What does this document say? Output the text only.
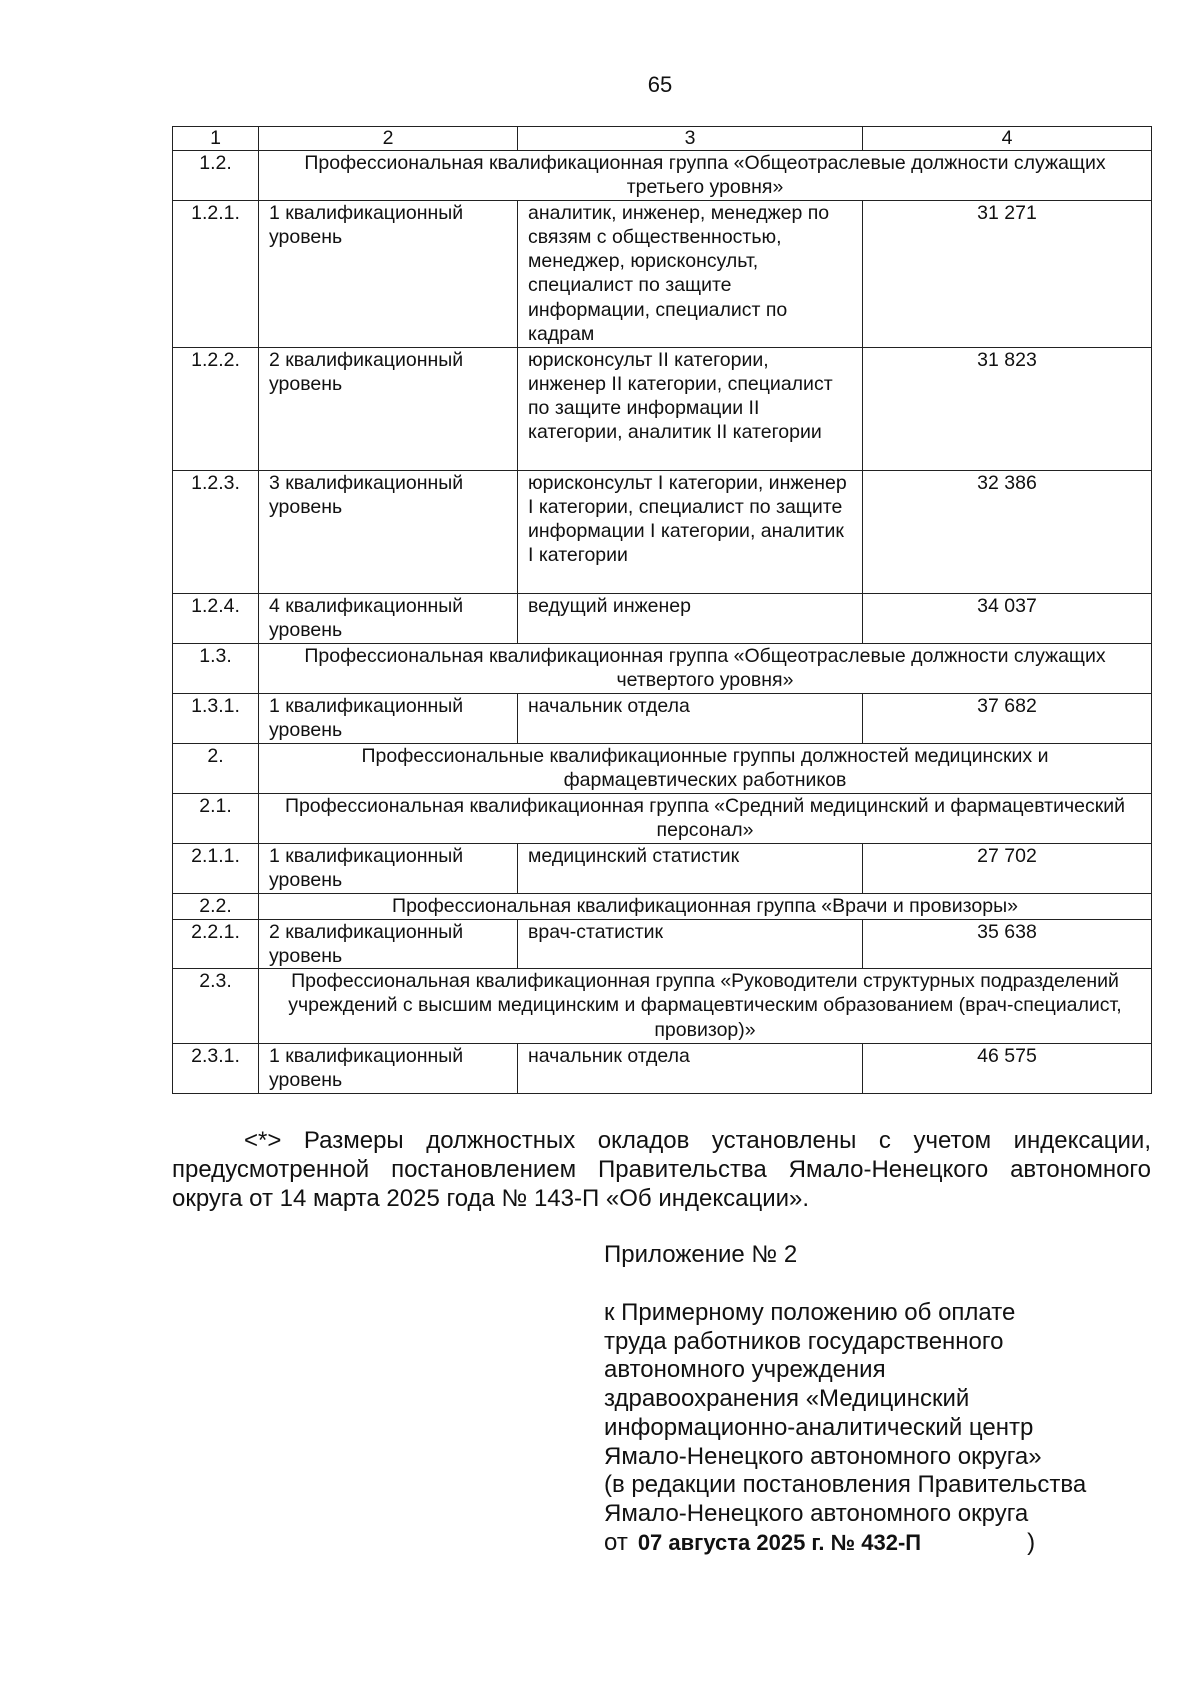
65
1	2	3	4
1.2.	Профессиональная квалификационная группа «Общеотраслевые должности служащих третьего уровня»		
1.2.1.	1 квалификационный уровень	аналитик, инженер, менеджер по связям с общественностью, менеджер, юрисконсульт, специалист по защите информации, специалист по кадрам	31 271
1.2.2.	2 квалификационный уровень	юрисконсульт II категории, инженер II категории, специалист по защите информации II категории, аналитик II категории	31 823
1.2.3.	3 квалификационный уровень	юрисконсульт I категории, инженер I категории, специалист по защите информации I категории, аналитик I категории	32 386
1.2.4.	4 квалификационный уровень	ведущий инженер	34 037
1.3.	Профессиональная квалификационная группа «Общеотраслевые должности служащих четвертого уровня»		
1.3.1.	1 квалификационный уровень	начальник отдела	37 682
2.	Профессиональные квалификационные группы должностей медицинских и фармацевтических работников		
2.1.	Профессиональная квалификационная группа «Средний медицинский и фармацевтический персонал»		
2.1.1.	1 квалификационный уровень	медицинский статистик	27 702
2.2.	Профессиональная квалификационная группа «Врачи и провизоры»		
2.2.1.	2 квалификационный уровень	врач-статистик	35 638
2.3.	Профессиональная квалификационная группа «Руководители структурных подразделений учреждений с высшим медицинским и фармацевтическим образованием (врач-специалист, провизор)»		
2.3.1.	1 квалификационный уровень	начальник отдела	46 575
<*> Размеры должностных окладов установлены с учетом индексации, предусмотренной постановлением Правительства Ямало-Ненецкого автономного округа от 14 марта 2025 года № 143-П «Об индексации».
Приложение № 2
к Примерному положению об оплате
труда работников государственного
автономного учреждения
здравоохранения «Медицинский
информационно-аналитический центр
Ямало-Ненецкого автономного округа»
(в редакции постановления Правительства
Ямало-Ненецкого автономного округа
от 07 августа 2025 г. № 432-П	)
